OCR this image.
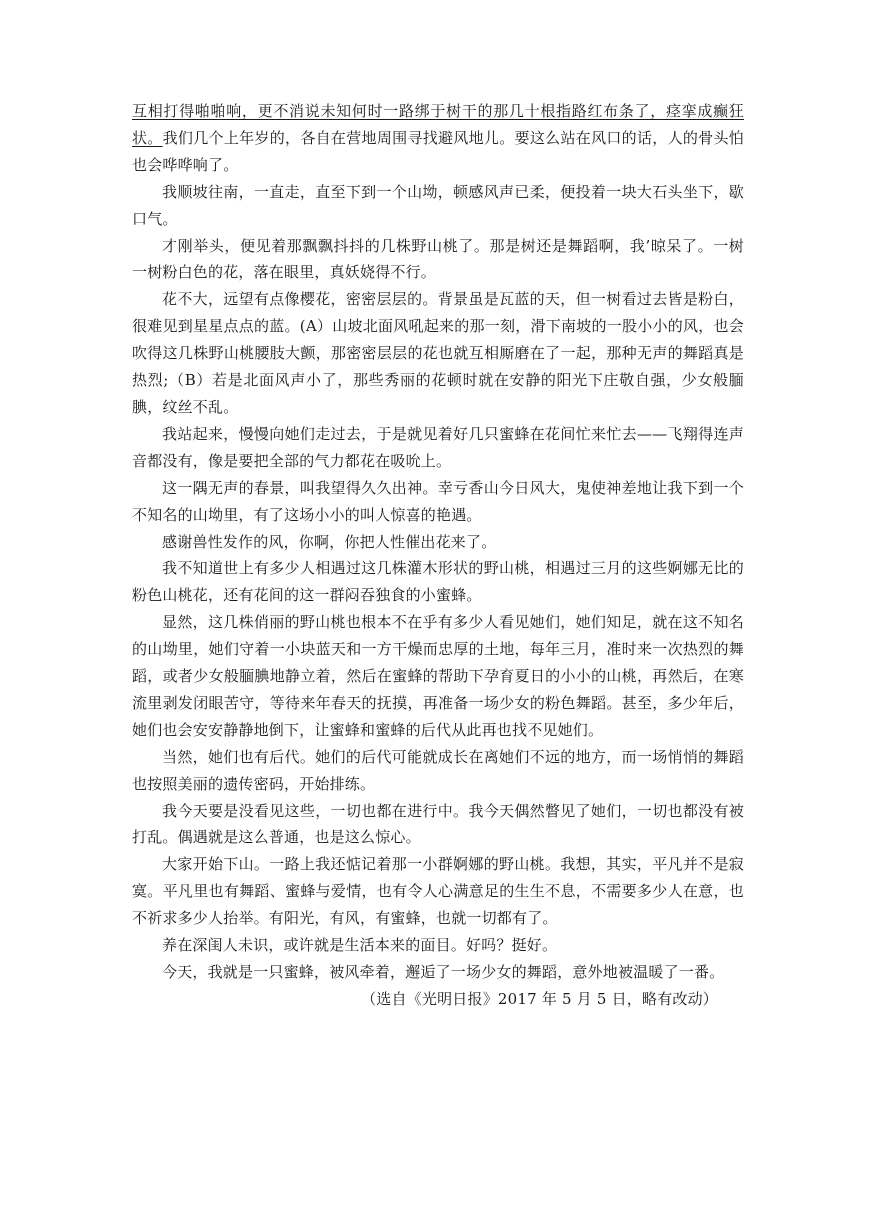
互相打得啪啪响，更不消说未知何时一路绑于树干的那几十根指路红布条了，痉挛成癫狂状。我们几个上年岁的，各自在营地周围寻找避风地儿。要这么站在风口的话，人的骨头怕也会哗哗响了。

我顺坡往南，一直走，直至下到一个山坳，顿感风声已柔，便投着一块大石头坐下，歇口气。

才刚举头，便见着那飘飘抖抖的几株野山桃了。那是树还是舞蹈啊，我’晾呆了。一树一树粉白色的花，落在眼里，真妖娆得不行。

花不大，远望有点像樱花，密密层层的。背景虽是瓦蓝的天，但一树看过去皆是粉白，很难见到星星点点的蓝。(A）山坡北面风吼起来的那一刻，滑下南坡的一股小小的风，也会吹得这几株野山桃腰肢大颤，那密密层层的花也就互相厮磨在了一起，那种无声的舞蹈真是热烈;（B）若是北面风声小了，那些秀丽的花顿时就在安静的阳光下庄敬自强，少女般腼腆，纹丝不乱。

我站起来，慢慢向她们走过去，于是就见着好几只蜜蜂在花间忙来忙去——飞翔得连声音都没有，像是要把全部的气力都花在吸吮上。

这一隅无声的春景，叫我望得久久出神。幸亏香山今日风大，鬼使神差地让我下到一个不知名的山坳里，有了这场小小的叫人惊喜的艳遇。

感谢兽性发作的风，你啊，你把人性催出花来了。

我不知道世上有多少人相遇过这几株灌木形状的野山桃，相遇过三月的这些婀娜无比的粉色山桃花，还有花间的这一群闷吞独食的小蜜蜂。

显然，这几株俏丽的野山桃也根本不在乎有多少人看见她们，她们知足，就在这不知名的山坳里，她们守着一小块蓝天和一方干燥而忠厚的土地，每年三月，准时来一次热烈的舞蹈，或者少女般腼腆地静立着，然后在蜜蜂的帮助下孕育夏日的小小的山桃，再然后，在寒流里剥发闭眼苦守，等待来年春天的抚摸，再准备一场少女的粉色舞蹈。甚至，多少年后，她们也会安安静静地倒下，让蜜蜂和蜜蜂的后代从此再也找不见她们。

当然，她们也有后代。她们的后代可能就成长在离她们不远的地方，而一场悄悄的舞蹈也按照美丽的遗传密码，开始排练。

我今天要是没看见这些，一切也都在进行中。我今天偶然瞥见了她们，一切也都没有被打乱。偶遇就是这么普通，也是这么惊心。

大家开始下山。一路上我还惦记着那一小群婀娜的野山桃。我想，其实，平凡并不是寂寞。平凡里也有舞蹈、蜜蜂与爱情，也有令人心满意足的生生不息，不需要多少人在意，也不祈求多少人抬举。有阳光，有风，有蜜蜂，也就一切都有了。

养在深闺人未识，或许就是生活本来的面目。好吗？挺好。

今天，我就是一只蜜蜂，被风牵着，邂逅了一场少女的舞蹈，意外地被温暖了一番。

（选自《光明日报》2017 年 5 月 5 日，略有改动）
